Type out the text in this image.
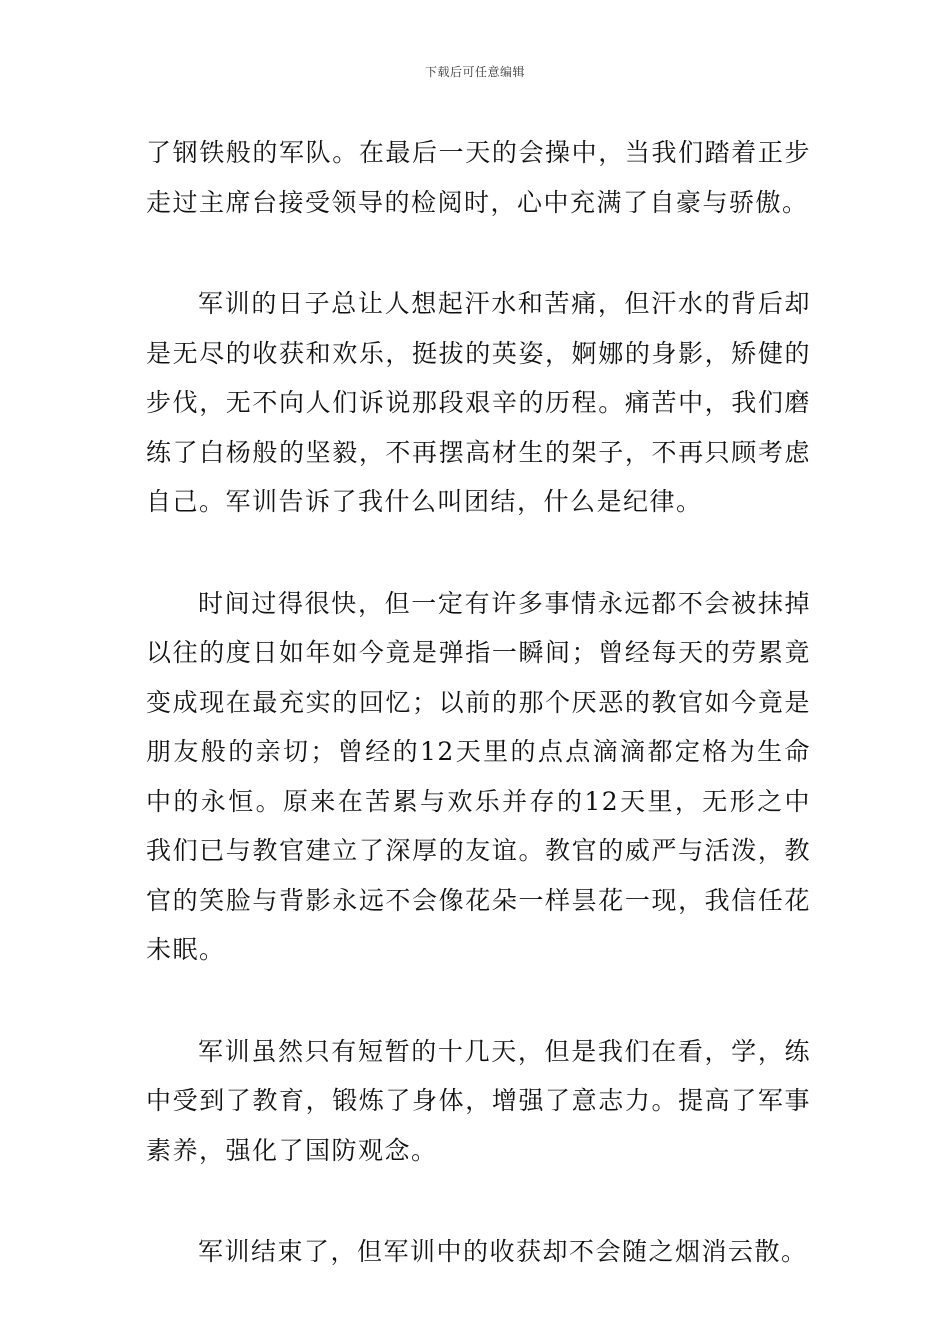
下载后可任意编辑

了钢铁般的军队。在最后一天的会操中，当我们踏着正步走过主席台接受领导的检阅时，心中充满了自豪与骄傲。

军训的日子总让人想起汗水和苦痛，但汗水的背后却是无尽的收获和欢乐，挺拔的英姿，婀娜的身影，矫健的步伐，无不向人们诉说那段艰辛的历程。痛苦中，我们磨练了白杨般的坚毅，不再摆高材生的架子，不再只顾考虑自己。军训告诉了我什么叫团结，什么是纪律。

时间过得很快，但一定有许多事情永远都不会被抹掉以往的度日如年如今竟是弹指一瞬间；曾经每天的劳累竟变成现在最充实的回忆；以前的那个厌恶的教官如今竟是朋友般的亲切；曾经的12天里的点点滴滴都定格为生命中的永恒。原来在苦累与欢乐并存的12天里，无形之中我们已与教官建立了深厚的友谊。教官的威严与活泼，教官的笑脸与背影永远不会像花朵一样昙花一现，我信任花未眠。

军训虽然只有短暂的十几天，但是我们在看，学，练中受到了教育，锻炼了身体，增强了意志力。提高了军事素养，强化了国防观念。

军训结束了，但军训中的收获却不会随之烟消云散。
